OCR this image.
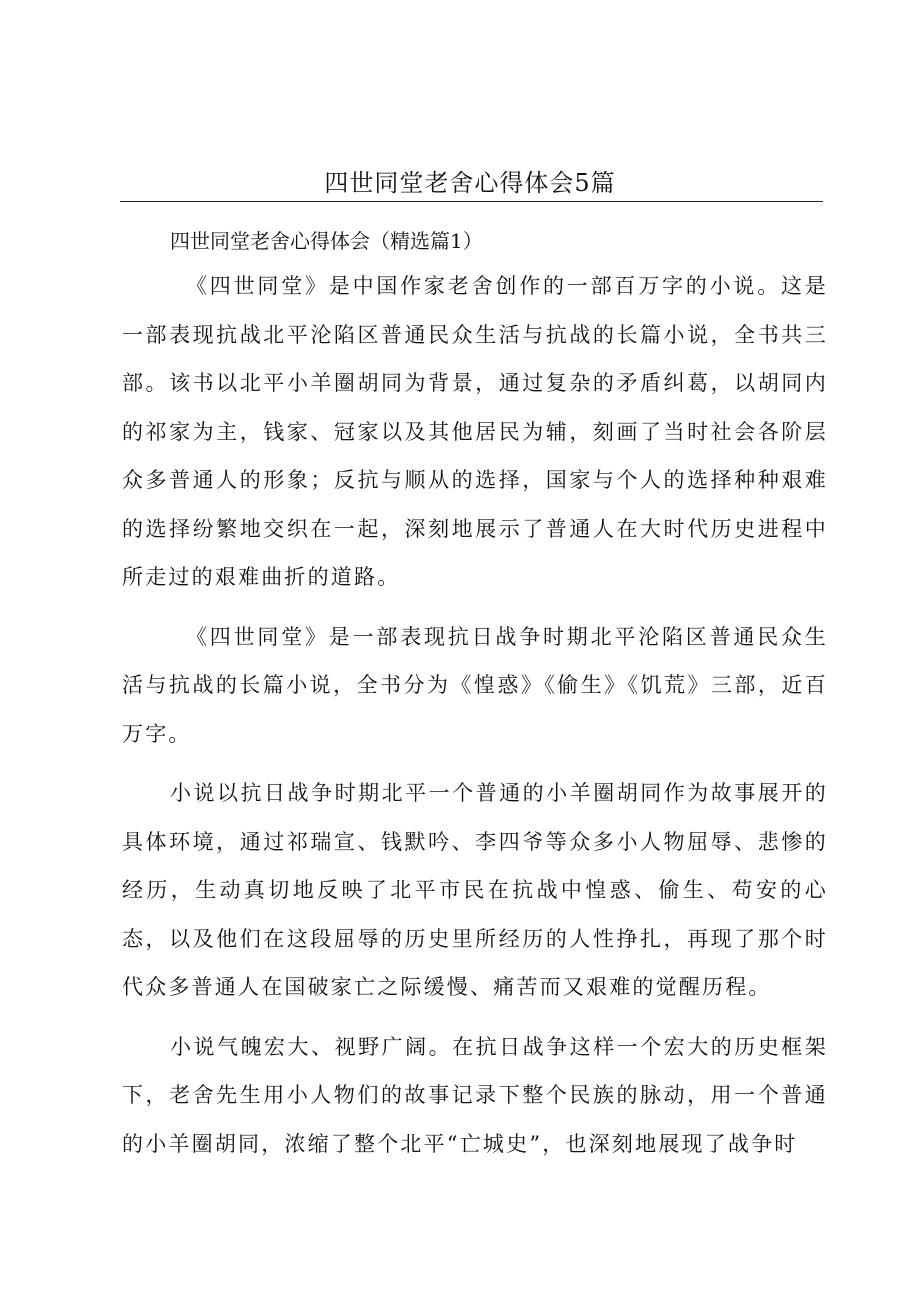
四世同堂老舍心得体会5篇
四世同堂老舍心得体会（精选篇1）

《四世同堂》是中国作家老舍创作的一部百万字的小说。这是一部表现抗战北平沦陷区普通民众生活与抗战的长篇小说，全书共三部。该书以北平小羊圈胡同为背景，通过复杂的矛盾纠葛，以胡同内的祁家为主，钱家、冠家以及其他居民为辅，刻画了当时社会各阶层众多普通人的形象；反抗与顺从的选择，国家与个人的选择种种艰难的选择纷繁地交织在一起，深刻地展示了普通人在大时代历史进程中所走过的艰难曲折的道路。

《四世同堂》是一部表现抗日战争时期北平沦陷区普通民众生活与抗战的长篇小说，全书分为《惶惑》《偷生》《饥荒》三部，近百万字。

小说以抗日战争时期北平一个普通的小羊圈胡同作为故事展开的具体环境，通过祁瑞宣、钱默吟、李四爷等众多小人物屈辱、悲惨的经历，生动真切地反映了北平市民在抗战中惶惑、偷生、苟安的心态，以及他们在这段屈辱的历史里所经历的人性挣扎，再现了那个时代众多普通人在国破家亡之际缓慢、痛苦而又艰难的觉醒历程。

小说气魄宏大、视野广阔。在抗日战争这样一个宏大的历史框架下，老舍先生用小人物们的故事记录下整个民族的脉动，用一个普通的小羊圈胡同，浓缩了整个北平“亡城史”，也深刻地展现了战争时
